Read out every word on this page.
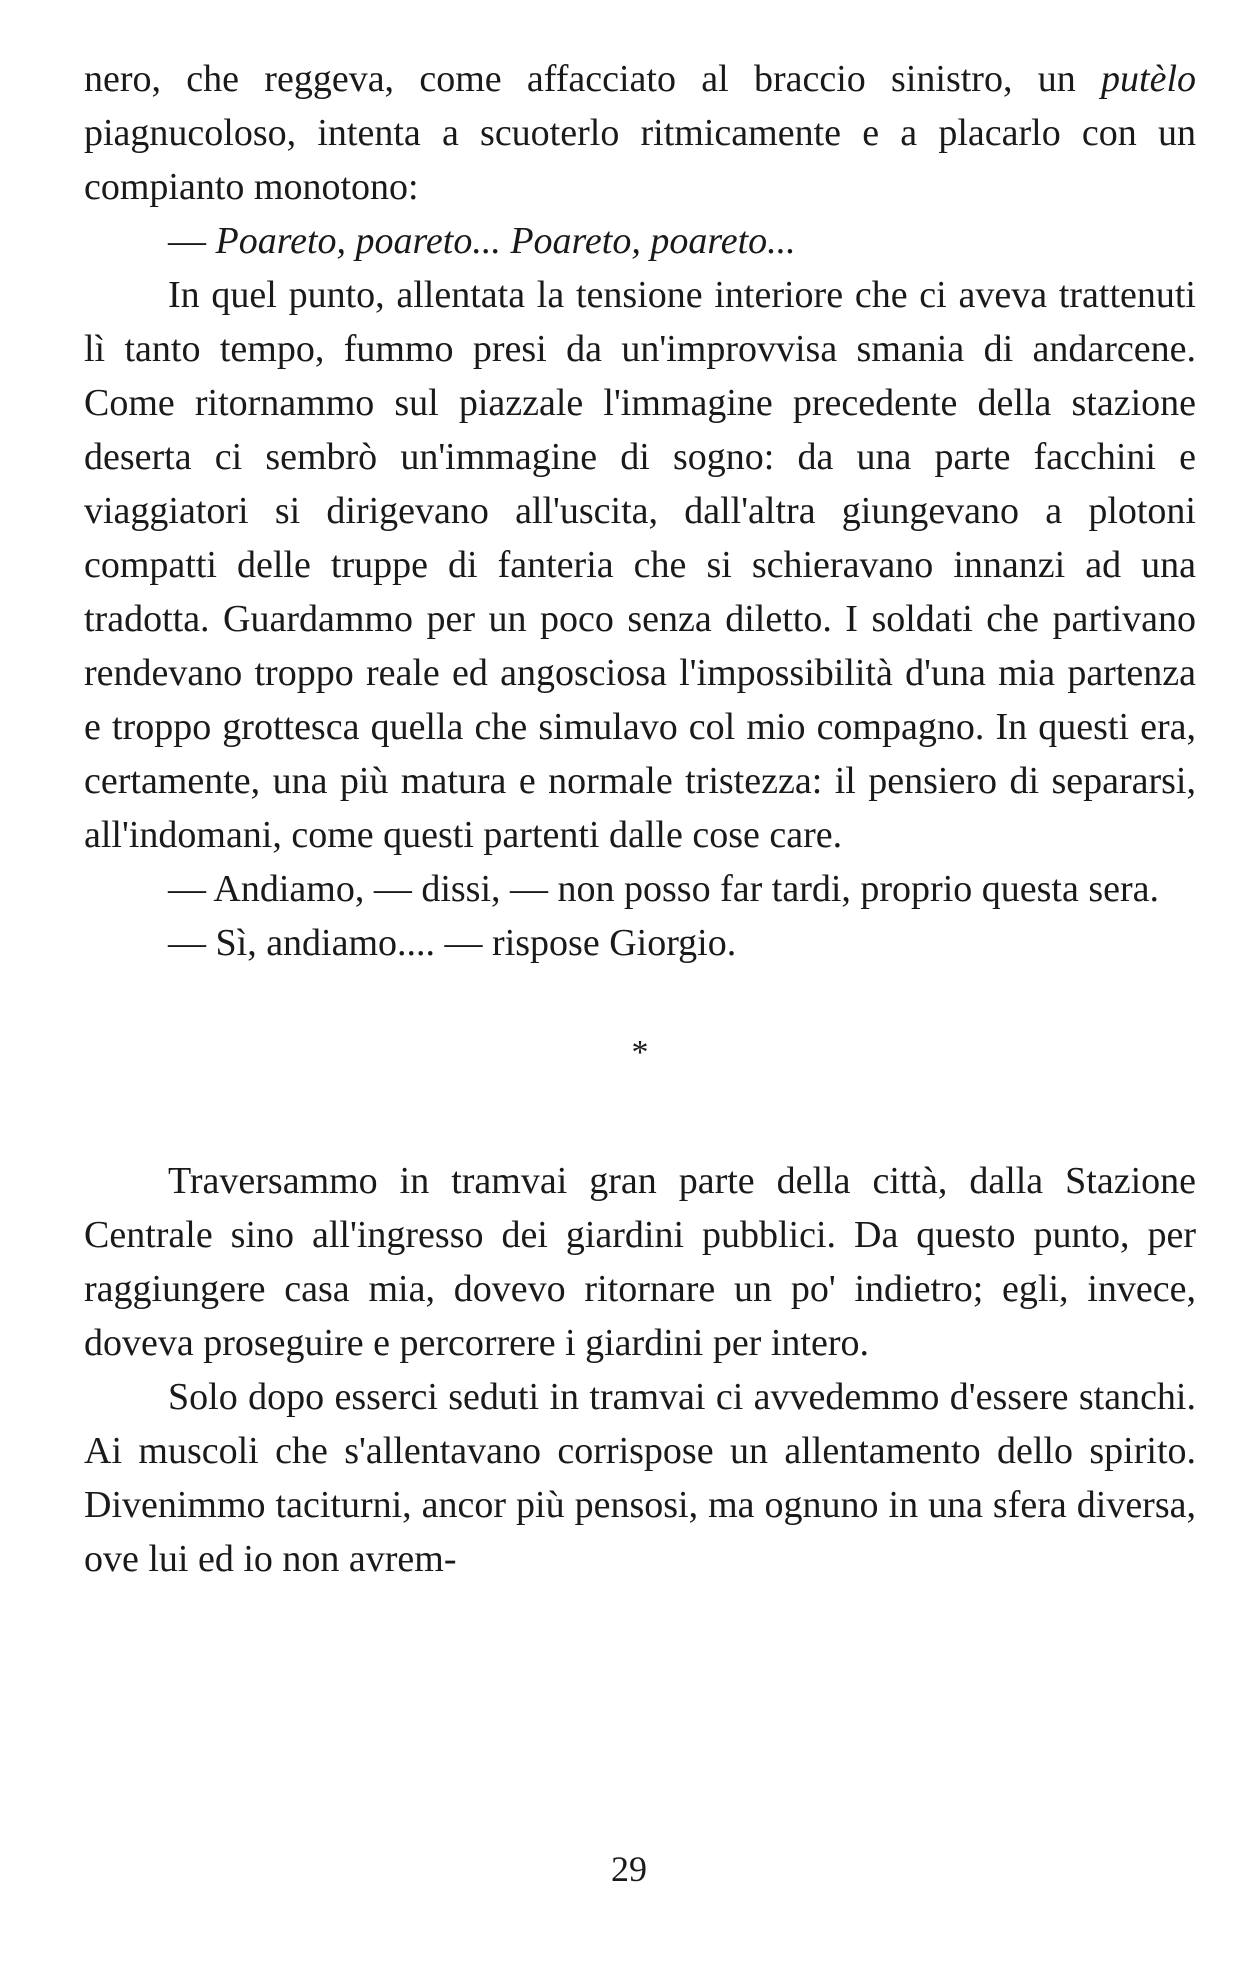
nero, che reggeva, come affacciato al braccio sinistro, un putèlo piagnucoloso, intenta a scuoterlo ritmicamente e a placarlo con un compianto monotono:

— Poareto, poareto... Poareto, poareto...

In quel punto, allentata la tensione interiore che ci aveva trattenuti lì tanto tempo, fummo presi da un'improvvisa smania di andarcene. Come ritornammo sul piazzale l'immagine precedente della stazione deserta ci sembrò un'immagine di sogno: da una parte facchini e viaggiatori si dirigevano all'uscita, dall'altra giungevano a plotoni compatti delle truppe di fanteria che si schieravano innanzi ad una tradotta. Guardammo per un poco senza diletto. I soldati che partivano rendevano troppo reale ed angosciosa l'impossibilità d'una mia partenza e troppo grottesca quella che simulavo col mio compagno. In questi era, certamente, una più matura e normale tristezza: il pensiero di separarsi, all'indomani, come questi partenti dalle cose care.

— Andiamo, — dissi, — non posso far tardi, proprio questa sera.

— Sì, andiamo.... — rispose Giorgio.

*

Traversammo in tramvai gran parte della città, dalla Stazione Centrale sino all'ingresso dei giardini pubblici. Da questo punto, per raggiungere casa mia, dovevo ritornare un po' indietro; egli, invece, doveva proseguire e percorrere i giardini per intero.

Solo dopo esserci seduti in tramvai ci avvedemmo d'essere stanchi. Ai muscoli che s'allentavano corrispose un allentamento dello spirito. Divenimmo taciturni, ancor più pensosi, ma ognuno in una sfera diversa, ove lui ed io non avrem-

29
